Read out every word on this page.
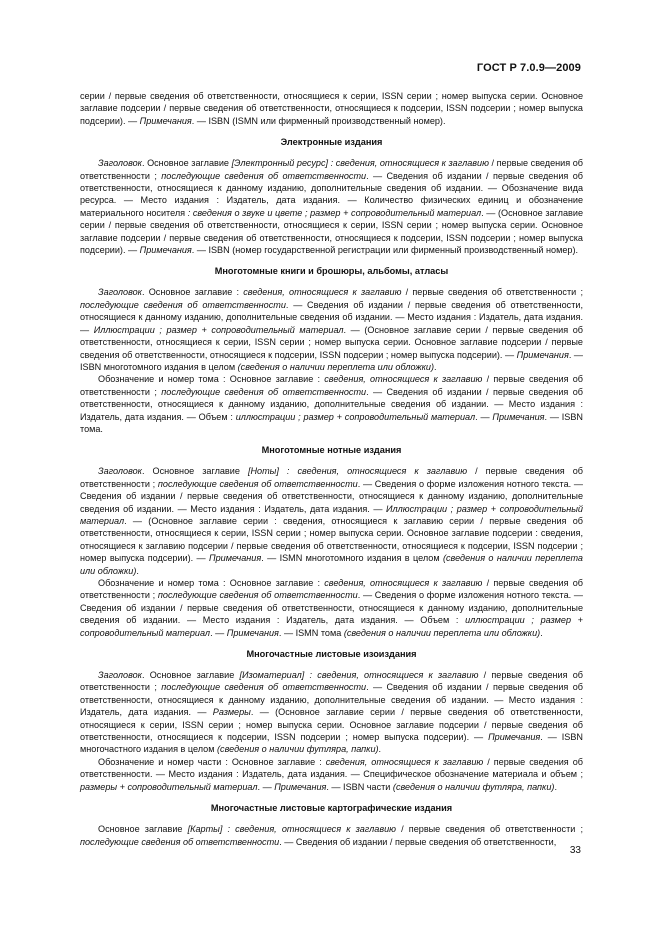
ГОСТ Р 7.0.9—2009

серии / первые сведения об ответственности, относящиеся к серии, ISSN серии ; номер выпуска серии. Основное заглавие подсерии / первые сведения об ответственности, относящиеся к подсерии, ISSN подсерии ; номер выпуска подсерии). — Примечания. — ISBN (ISMN или фирменный производственный номер).

Электронные издания

Заголовок. Основное заглавие [Электронный ресурс] : сведения, относящиеся к заглавию / первые сведения об ответственности ; последующие сведения об ответственности. — Сведения об издании / первые сведения об ответственности, относящиеся к данному изданию, дополнительные сведения об издании. — Обозначение вида ресурса. — Место издания : Издатель, дата издания. — Количество физических единиц и обозначение материального носителя : сведения о звуке и цвете ; размер + сопроводительный материал. — (Основное заглавие серии / первые сведения об ответственности, относящиеся к серии, ISSN серии ; номер выпуска серии. Основное заглавие подсерии / первые сведения об ответственности, относящиеся к подсерии, ISSN подсерии ; номер выпуска подсерии). — Примечания. — ISBN (номер государственной регистрации или фирменный производственный номер).

Многотомные книги и брошюры, альбомы, атласы

Заголовок. Основное заглавие : сведения, относящиеся к заглавию / первые сведения об ответственности ; последующие сведения об ответственности. — Сведения об издании / первые сведения об ответственности, относящиеся к данному изданию, дополнительные сведения об издании. — Место издания : Издатель, дата издания. — Иллюстрации ; размер + сопроводительный материал. — (Основное заглавие серии / первые сведения об ответственности, относящиеся к серии, ISSN серии ; номер выпуска серии. Основное заглавие подсерии / первые сведения об ответственности, относящиеся к подсерии, ISSN подсерии ; номер выпуска подсерии). — Примечания. — ISBN многотомного издания в целом (сведения о наличии переплета или обложки).

Обозначение и номер тома : Основное заглавие : сведения, относящиеся к заглавию / первые сведения об ответственности ; последующие сведения об ответственности. — Сведения об издании / первые сведения об ответственности, относящиеся к данному изданию, дополнительные сведения об издании. — Место издания : Издатель, дата издания. — Объем : иллюстрации ; размер + сопроводительный материал. — Примечания. — ISBN тома.

Многотомные нотные издания

Заголовок. Основное заглавие [Ноты] : сведения, относящиеся к заглавию / первые сведения об ответственности ; последующие сведения об ответственности. — Сведения о форме изложения нотного текста. — Сведения об издании / первые сведения об ответственности, относящиеся к данному изданию, дополнительные сведения об издании. — Место издания : Издатель, дата издания. — Иллюстрации ; размер + сопроводительный материал. — (Основное заглавие серии : сведения, относящиеся к заглавию серии / первые сведения об ответственности, относящиеся к серии, ISSN серии ; номер выпуска серии. Основное заглавие подсерии : сведения, относящиеся к заглавию подсерии / первые сведения об ответственности, относящиеся к подсерии, ISSN подсерии ; номер выпуска подсерии). — Примечания. — ISMN многотомного издания в целом (сведения о наличии переплета или обложки).

Обозначение и номер тома : Основное заглавие : сведения, относящиеся к заглавию / первые сведения об ответственности ; последующие сведения об ответственности. — Сведения о форме изложения нотного текста. — Сведения об издании / первые сведения об ответственности, относящиеся к данному изданию, дополнительные сведения об издании. — Место издания : Издатель, дата издания. — Объем : иллюстрации ; размер + сопроводительный материал. — Примечания. — ISMN тома (сведения о наличии переплета или обложки).

Многочастные листовые изоиздания

Заголовок. Основное заглавие [Изоматериал] : сведения, относящиеся к заглавию / первые сведения об ответственности ; последующие сведения об ответственности. — Сведения об издании / первые сведения об ответственности, относящиеся к данному изданию, дополнительные сведения об издании. — Место издания : Издатель, дата издания. — Размеры. — (Основное заглавие серии / первые сведения об ответственности, относящиеся к серии, ISSN серии ; номер выпуска серии. Основное заглавие подсерии / первые сведения об ответственности, относящиеся к подсерии, ISSN подсерии ; номер выпуска подсерии). — Примечания. — ISBN многочастного издания в целом (сведения о наличии футляра, папки).

Обозначение и номер части : Основное заглавие : сведения, относящиеся к заглавию / первые сведения об ответственности. — Место издания : Издатель, дата издания. — Специфическое обозначение материала и объем ; размеры + сопроводительный материал. — Примечания. — ISBN части (сведения о наличии футляра, папки).

Многочастные листовые картографические издания

Основное заглавие [Карты] : сведения, относящиеся к заглавию / первые сведения об ответственности ; последующие сведения об ответственности. — Сведения об издании / первые сведения об ответственности,

33
